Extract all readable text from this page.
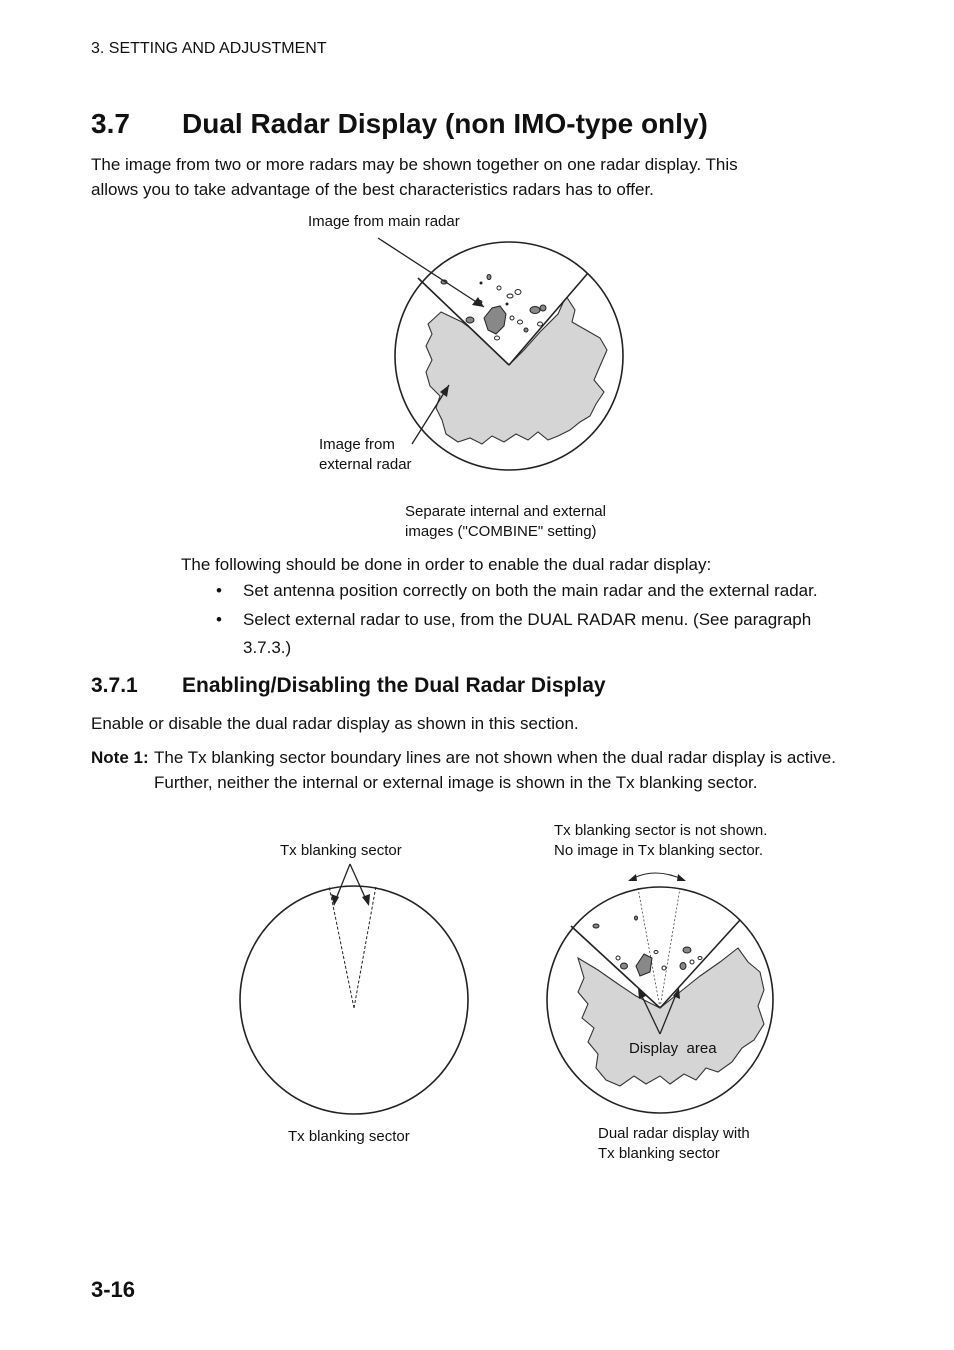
3. SETTING AND ADJUSTMENT
3.7 Dual Radar Display (non IMO-type only)
The image from two or more radars may be shown together on one radar display. This
allows you to take advantage of the best characteristics radars has to offer.
Image from main radar
Image from
external radar
Separate internal and external
images ("COMBINE" setting)
The following should be done in order to enable the dual radar display:
• Set antenna position correctly on both the main radar and the external radar.
• Select external radar to use, from the DUAL RADAR menu. (See paragraph 3.7.3.)
3.7.1 Enabling/Disabling the Dual Radar Display
Enable or disable the dual radar display as shown in this section.
Note 1: The Tx blanking sector boundary lines are not shown when the dual radar display is active. Further, neither the internal or external image is shown in the Tx blanking sector.
Tx blanking sector
Tx blanking sector is not shown.
No image in Tx blanking sector.
Display  area
Tx blanking sector	Dual radar display with
Tx blanking sector
3-16
